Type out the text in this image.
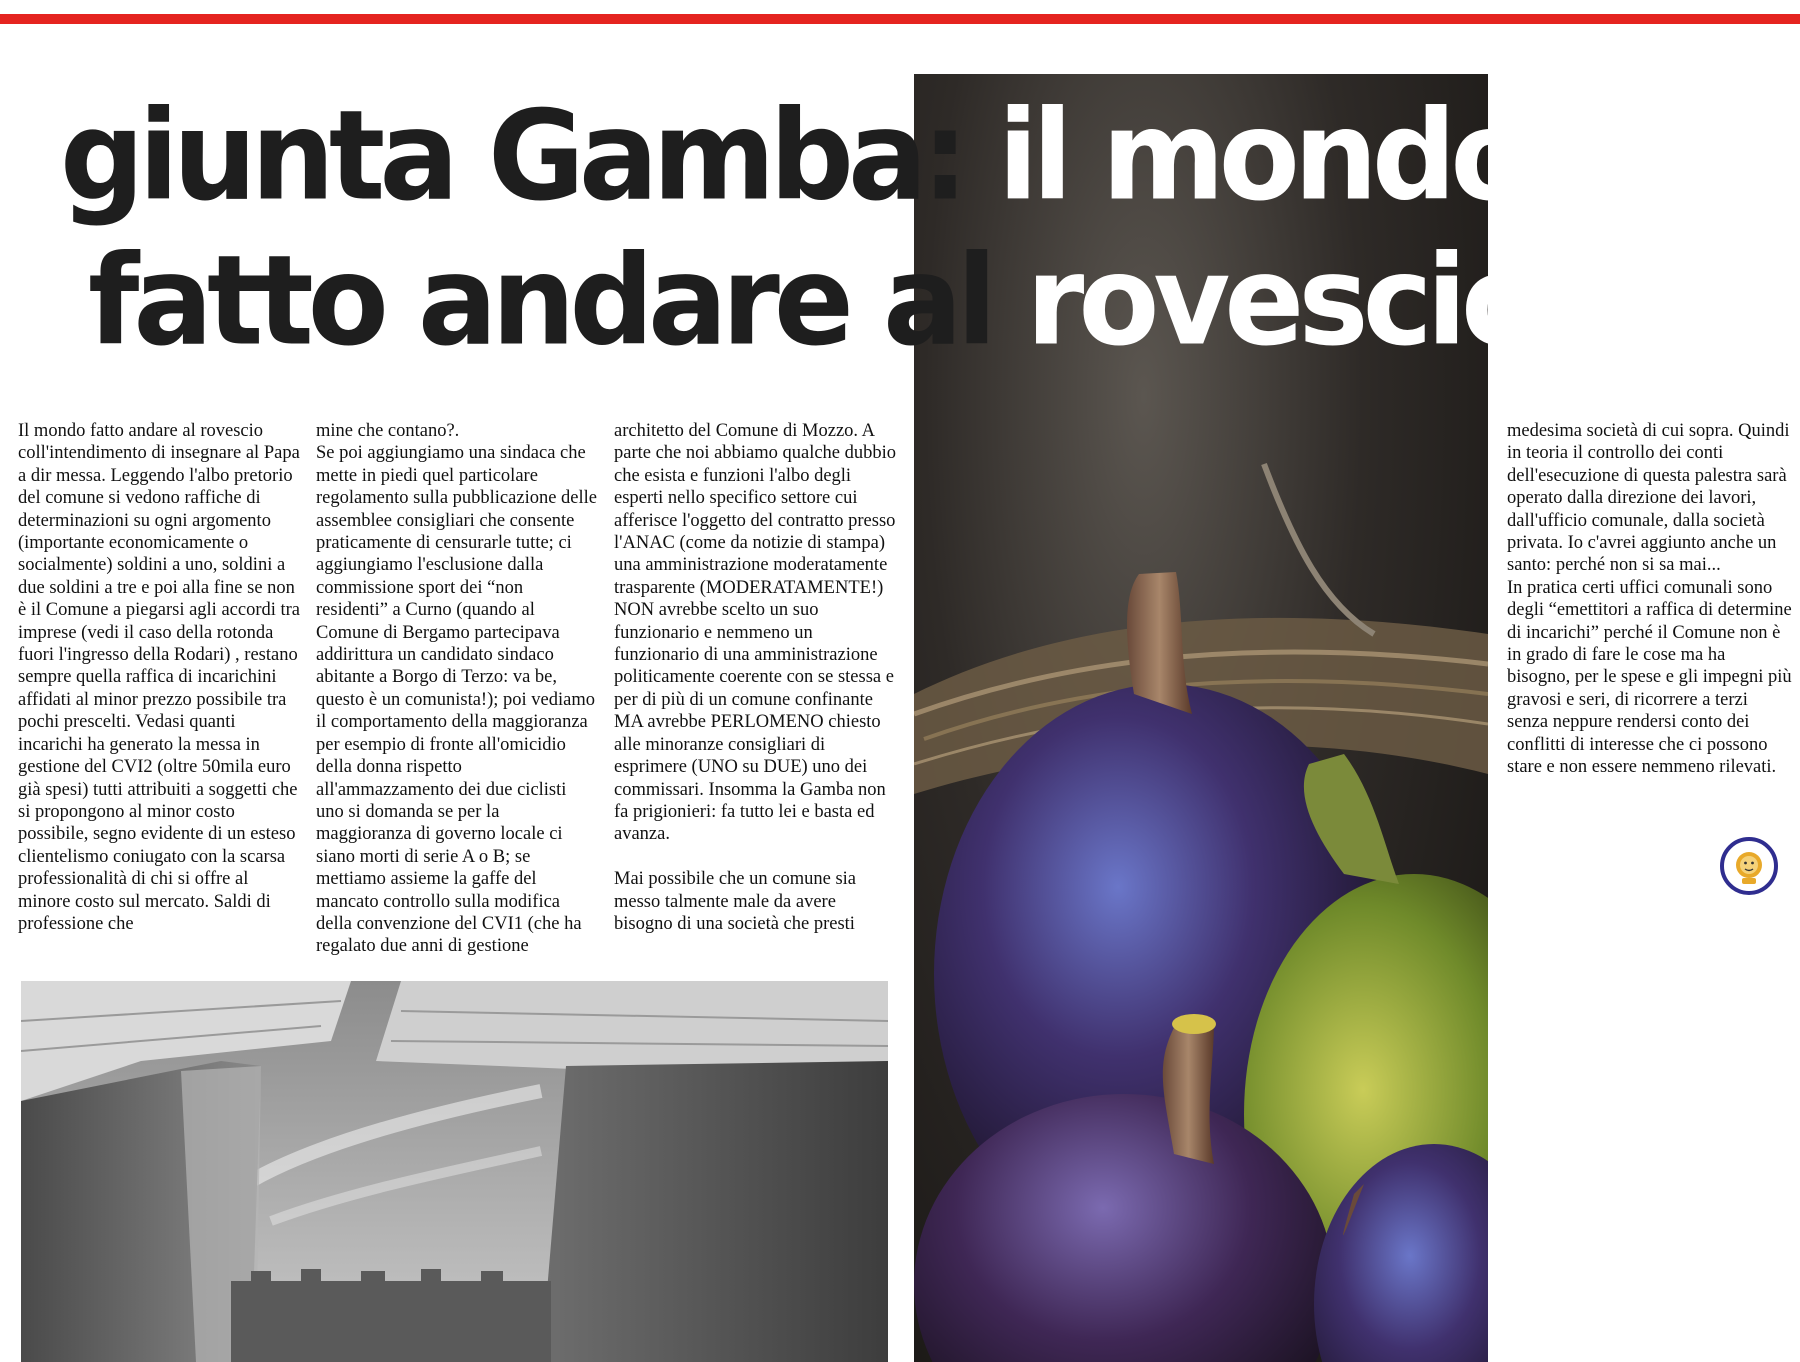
giunta Gamba: il mondo
fatto andare al rovescio

Il mondo fatto andare al rovescio coll'intendimento di insegnare al Papa a dir messa. Leggendo l'albo pretorio del comune si vedono raffiche di determinazioni su ogni argomento (importante economicamente o socialmente) soldini a uno, soldini a due soldini a tre e poi alla fine se non è il Comune a piegarsi agli accordi tra imprese (vedi il caso della rotonda fuori l'ingresso della Rodari) , restano sempre quella raffica di incarichini affidati al minor prezzo possibile tra pochi prescelti. Vedasi quanti incarichi ha generato la messa in gestione del CVI2 (oltre 50mila euro già spesi) tutti attribuiti a soggetti che si propongono al minor costo possibile, segno evidente di un esteso clientelismo coniugato con la scarsa professionalità di chi si offre al minore costo sul mercato. Saldi di professione che

mine che contano?.
Se poi aggiungiamo una sindaca che mette in piedi quel particolare regolamento sulla pubblicazione delle assemblee consigliari che consente praticamente di censurarle tutte; ci aggiungiamo l'esclusione dalla commissione sport dei “non residenti” a Curno (quando al Comune di Bergamo partecipava addirittura un candidato sindaco abitante a Borgo di Terzo: va be, questo è un comunista!); poi vediamo il comportamento della maggioranza per esempio di fronte all'omicidio della donna rispetto all'ammazzamento dei due ciclisti uno si domanda se per la maggioranza di governo locale ci siano morti di serie A o B; se mettiamo assieme la gaffe del mancato controllo sulla modifica della convenzione del CVI1 (che ha regalato due anni di gestione

architetto del Comune di Mozzo. A parte che noi abbiamo qualche dubbio che esista e funzioni l'albo degli esperti nello specifico settore cui afferisce l'oggetto del contratto presso l'ANAC (come da notizie di stampa) una amministrazione moderatamente trasparente (MODERATAMENTE!) NON avrebbe scelto un suo funzionario e nemmeno un funzionario di una amministrazione politicamente coerente con se stessa e per di più di un comune confinante MA avrebbe PERLOMENO chiesto alle minoranze consigliari di esprimere (UNO su DUE) uno dei commissari. Insomma la Gamba non fa prigionieri: fa tutto lei e basta ed avanza.

Mai possibile che un comune sia messo talmente male da avere bisogno di una società che presti

medesima società di cui sopra. Quindi in teoria il controllo dei conti dell'esecuzione di questa palestra sarà operato dalla direzione dei lavori, dall'ufficio comunale, dalla società privata. Io c'avrei aggiunto anche un santo: perché non si sa mai...
In pratica certi uffici comunali sono degli “emettitori a raffica di determine di incarichi” perché il Comune non è in grado di fare le cose ma ha bisogno, per le spese e gli impegni più gravosi e seri, di ricorrere a terzi senza neppure rendersi conto dei conflitti di interesse che ci possono stare e non essere nemmeno rilevati.
